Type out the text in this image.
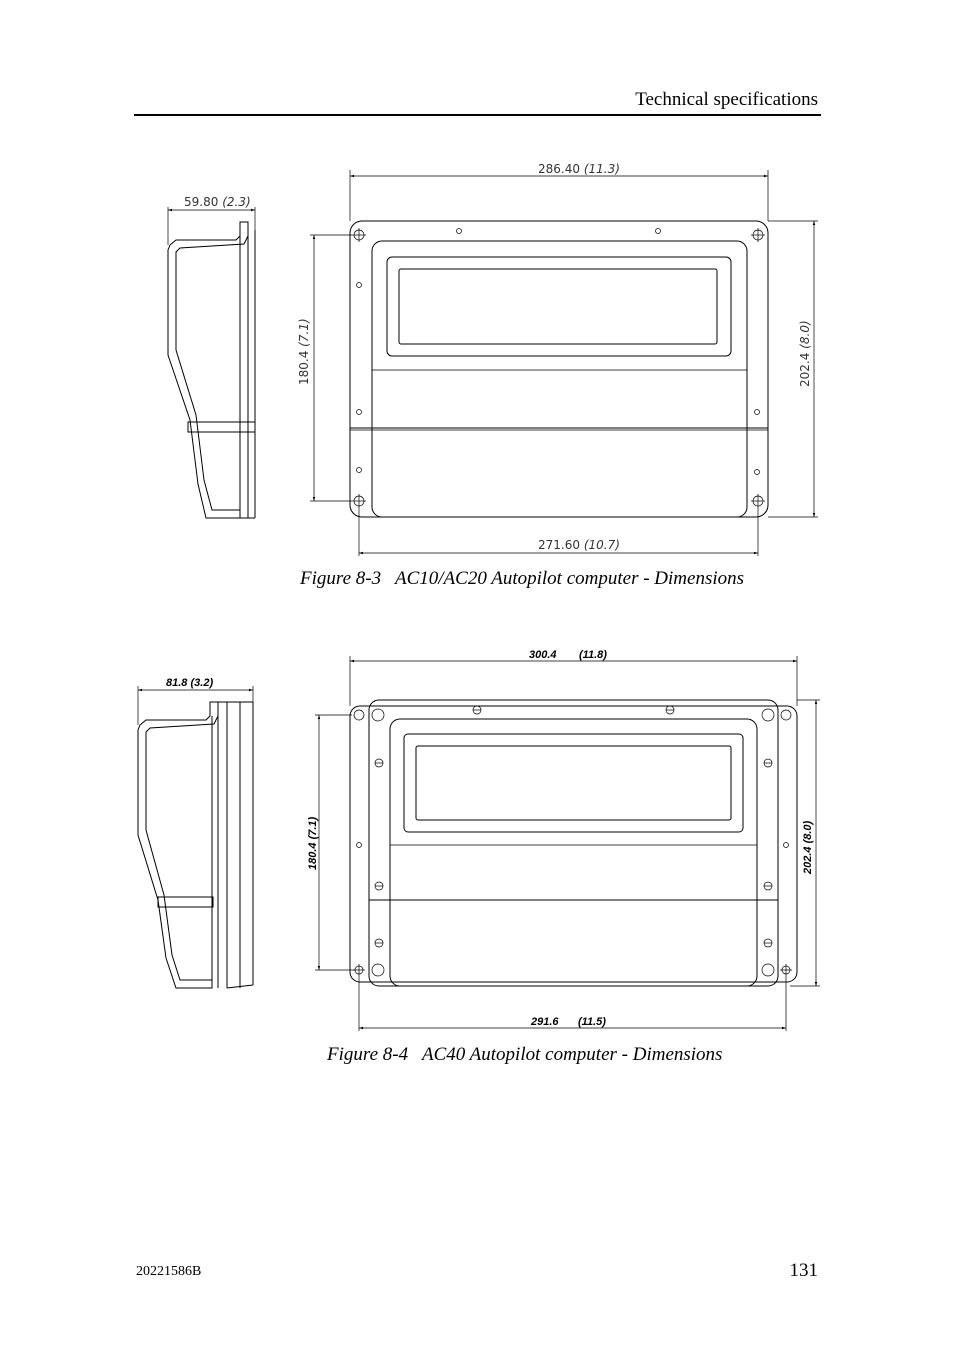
Technical specifications
59.80 (2.3)
286.40 (11.3)
271.60 (10.7)
180.4 (7.1)
202.4 (8.0)
81.8 (3.2)
300.4 (11.8)
291.6 (11.5)
180.4 (7.1)
202.4 (8.0)
Figure 8-3   AC10/AC20 Autopilot computer - Dimensions
Figure 8-4   AC40 Autopilot computer - Dimensions
20221586B	131
